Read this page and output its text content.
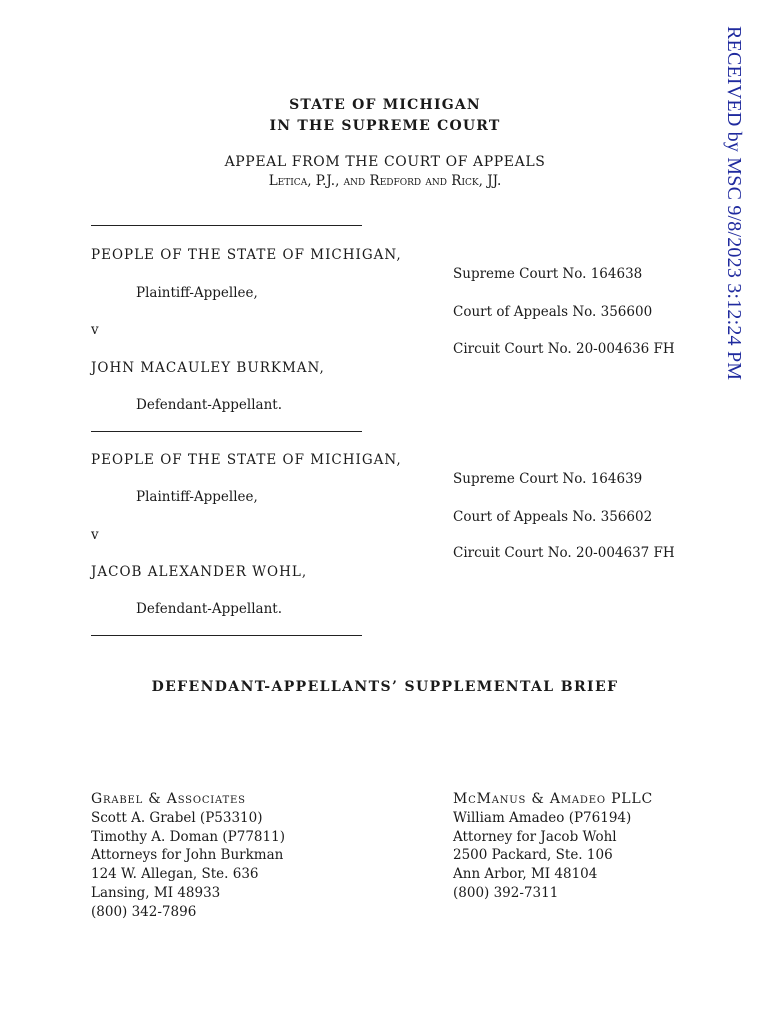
RECEIVED by MSC 9/8/2023 3:12:24 PM
STATE OF MICHIGAN
IN THE SUPREME COURT
APPEAL FROM THE COURT OF APPEALS
Letica, P.J., and Redford and Rick, JJ.
PEOPLE OF THE STATE OF MICHIGAN,
Plaintiff-Appellee,
v
JOHN MACAULEY BURKMAN,
Defendant-Appellant.
Supreme Court No. 164638
Court of Appeals No. 356600
Circuit Court No. 20-004636 FH
PEOPLE OF THE STATE OF MICHIGAN,
Plaintiff-Appellee,
v
JACOB ALEXANDER WOHL,
Defendant-Appellant.
Supreme Court No. 164639
Court of Appeals No. 356602
Circuit Court No. 20-004637 FH
DEFENDANT-APPELLANTS’ SUPPLEMENTAL BRIEF
Grabel & Associates
Scott A. Grabel (P53310)
Timothy A. Doman (P77811)
Attorneys for John Burkman
124 W. Allegan, Ste. 636
Lansing, MI 48933
(800) 342-7896
McManus & Amadeo PLLC
William Amadeo (P76194)
Attorney for Jacob Wohl
2500 Packard, Ste. 106
Ann Arbor, MI 48104
(800) 392-7311
